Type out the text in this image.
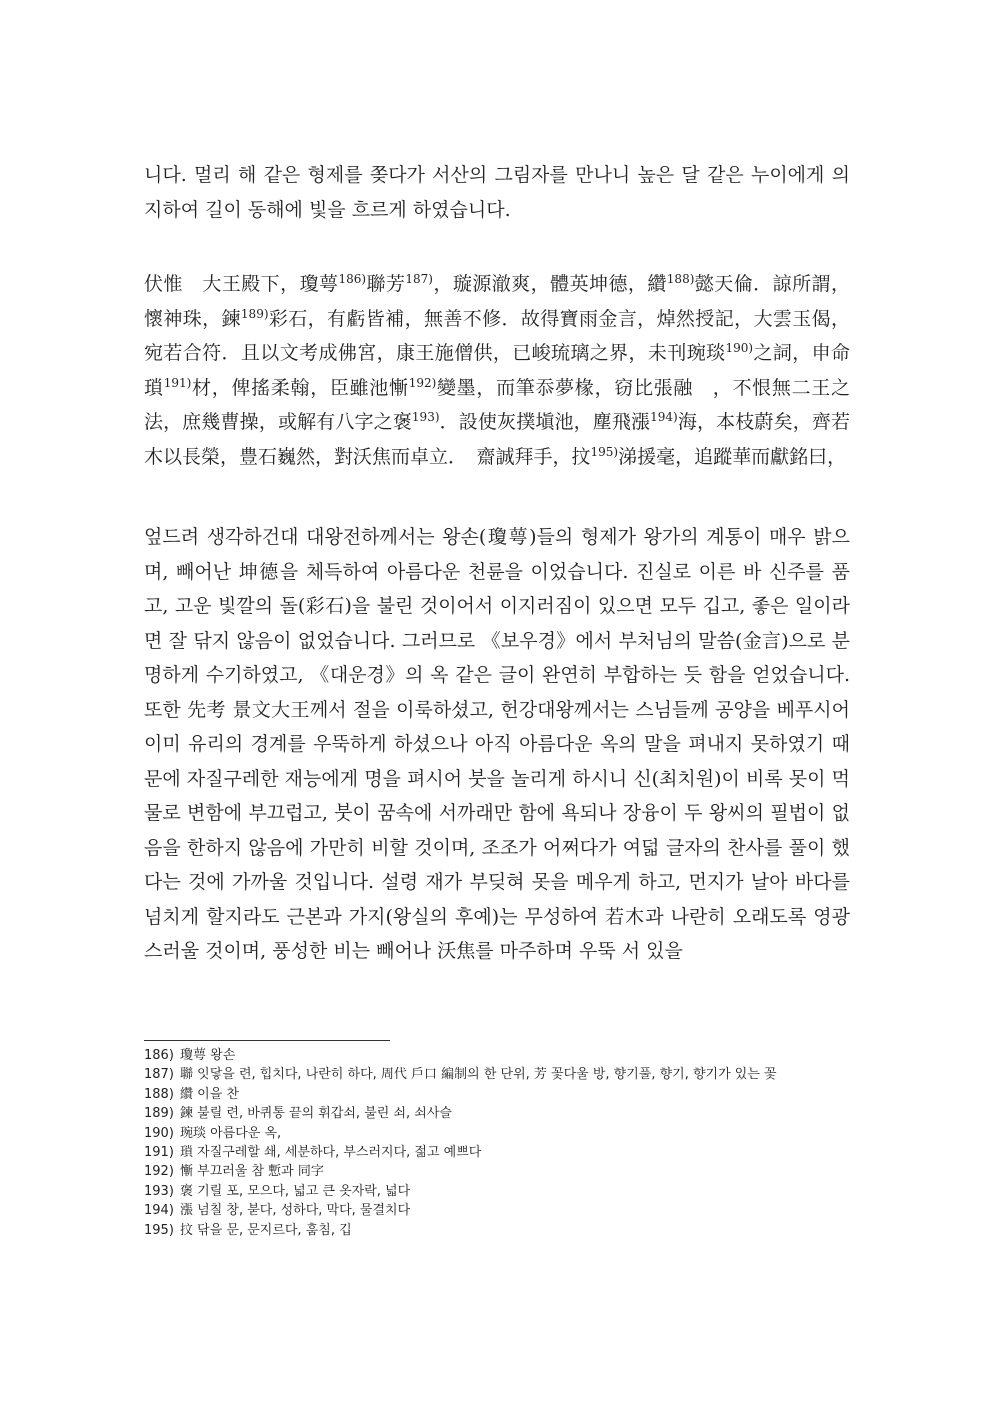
니다. 멀리 해 같은 형제를 쫒다가 서산의 그림자를 만나니 높은 달 같은 누이에게 의지하여 길이 동해에 빛을 흐르게 하였습니다.

伏惟　大王殿下，瓊萼$^{186)}$聯芳$^{187)}$，璇源澈爽，體英坤德，纘$^{188)}$懿天倫．諒所謂，懷神珠，鍊$^{189)}$彩石，有虧皆補，無善不修．故得寶雨金言，焯然授記，大雲玉偈，宛若合符．且以文考成佛宮，康王施僧供，已峻琉璃之界，未刊琬琰$^{190)}$之詞，申命瑣$^{191)}$材，俾搖柔翰，臣雖池慚$^{192)}$變墨，而筆忝夢椽，窃比張融　，不恨無二王之法，庶幾曹操，或解有八字之褒$^{193)}$．設使灰撲塡池，塵飛漲$^{194)}$海，本枝蔚矣，齊若木以長榮，豊石巍然，對沃焦而卓立．　齋誠拜手，抆$^{195)}$涕援毫，追蹤華而獻銘曰，

엎드려 생각하건대 대왕전하께서는 왕손(瓊萼)들의 형제가 왕가의 계통이 매우 밝으며, 빼어난 坤德을 체득하여 아름다운 천륜을 이었습니다. 진실로 이른 바 신주를 품고, 고운 빛깔의 돌(彩石)을 불린 것이어서 이지러짐이 있으면 모두 깁고, 좋은 일이라면 잘 닦지 않음이 없었습니다. 그러므로 《보우경》에서 부처님의 말씀(金言)으로 분명하게 수기하였고, 《대운경》의 옥 같은 글이 완연히 부합하는 듯 함을 얻었습니다. 또한 先考 景文大王께서 절을 이룩하셨고, 헌강대왕께서는 스님들께 공양을 베푸시어 이미 유리의 경계를 우뚝하게 하셨으나 아직 아름다운 옥의 말을 펴내지 못하였기 때문에 자질구레한 재능에게 명을 펴시어 붓을 놀리게 하시니 신(최치원)이 비록 못이 먹물로 변함에 부끄럽고, 붓이 꿈속에 서까래만 함에 욕되나 장융이 두 왕씨의 필법이 없음을 한하지 않음에 가만히 비할 것이며, 조조가 어쩌다가 여덟 글자의 찬사를 풀이 했다는 것에 가까울 것입니다. 설령 재가 부딪혀 못을 메우게 하고, 먼지가 날아 바다를 넘치게 할지라도 근본과 가지(왕실의 후예)는 무성하여 若木과 나란히 오래도록 영광스러울 것이며, 풍성한 비는 빼어나 沃焦를 마주하며 우뚝 서 있을

186) 瓊萼 왕손
187) 聯 잇닿을 련, 힙치다, 나란히 하다, 周代 戶口 編制의 한 단위, 芳 꽃다울 방, 향기풀, 향기, 향기가 있는 꽃
188) 纘 이을 찬
189) 鍊 불릴 련, 바퀴통 끝의 휘갑쇠, 불린 쇠, 쇠사슬
190) 琬琰 아름다운 옥,
191) 瑣 자질구레할 쇄, 세분하다, 부스러지다, 젊고 예쁘다
192) 慚 부끄러울 참 慙과 同字
193) 褒 기릴 포, 모으다, 넓고 큰 옷자락, 넓다
194) 漲 넘칠 창, 붇다, 성하다, 막다, 물결치다
195) 抆 닦을 문, 문지르다, 훔침, 깁
